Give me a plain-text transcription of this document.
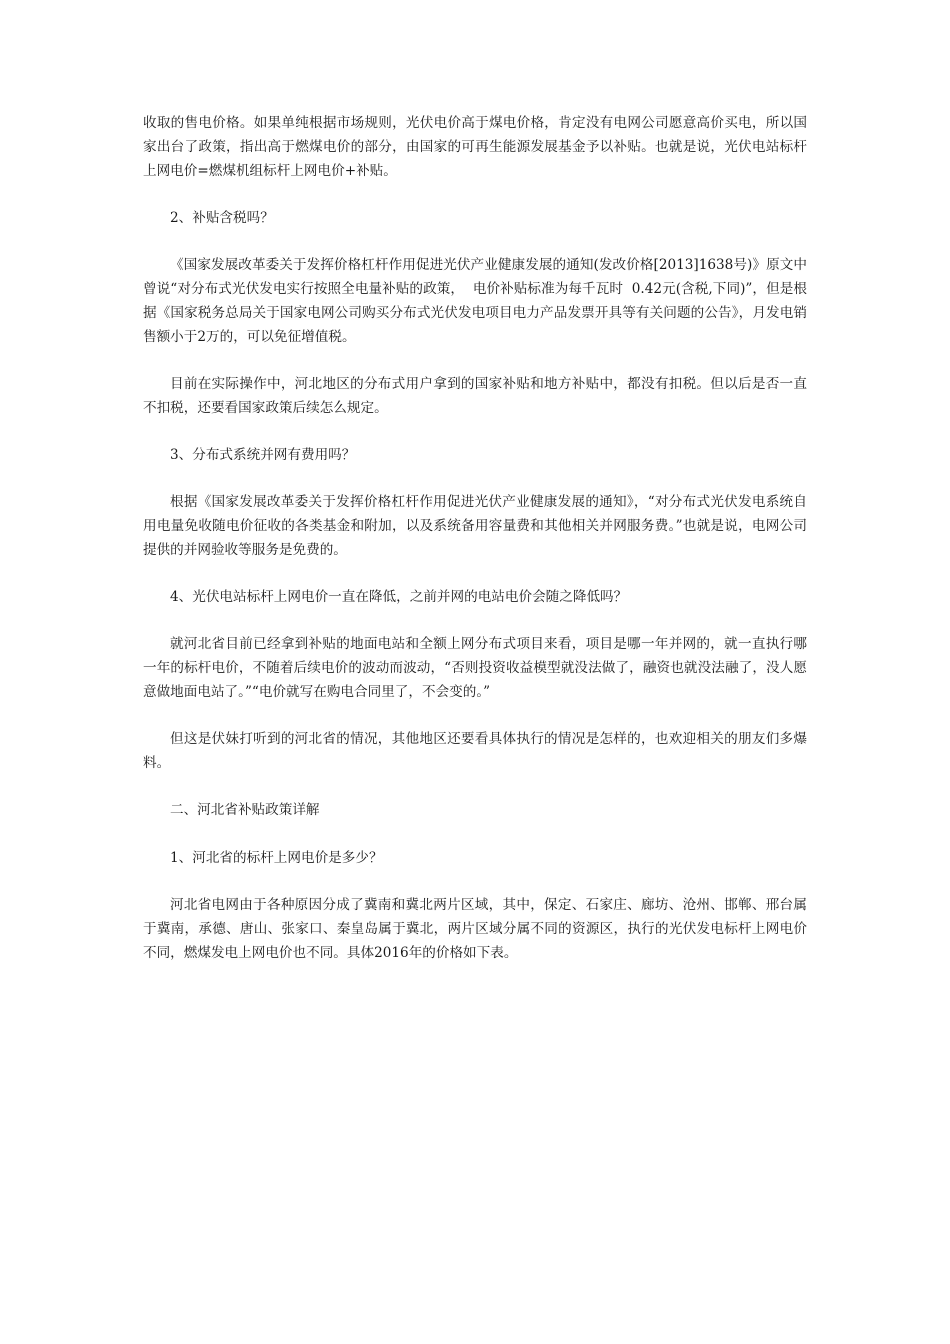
收取的售电价格。如果单纯根据市场规则，光伏电价高于煤电价格，肯定没有电网公司愿意高价买电，所以国家出台了政策，指出高于燃煤电价的部分，由国家的可再生能源发展基金予以补贴。也就是说，光伏电站标杆上网电价=燃煤机组标杆上网电价+补贴。

2、补贴含税吗？

《国家发展改革委关于发挥价格杠杆作用促进光伏产业健康发展的通知(发改价格[2013]1638号)》原文中曾说“对分布式光伏发电实行按照全电量补贴的政策，  电价补贴标准为每千瓦时  0.42元(含税,下同)”，但是根据《国家税务总局关于国家电网公司购买分布式光伏发电项目电力产品发票开具等有关问题的公告》，月发电销售额小于2万的，可以免征增值税。

目前在实际操作中，河北地区的分布式用户拿到的国家补贴和地方补贴中，都没有扣税。但以后是否一直不扣税，还要看国家政策后续怎么规定。

3、分布式系统并网有费用吗？

根据《国家发展改革委关于发挥价格杠杆作用促进光伏产业健康发展的通知》，“对分布式光伏发电系统自用电量免收随电价征收的各类基金和附加，以及系统备用容量费和其他相关并网服务费。”也就是说，电网公司提供的并网验收等服务是免费的。

4、光伏电站标杆上网电价一直在降低，之前并网的电站电价会随之降低吗？

就河北省目前已经拿到补贴的地面电站和全额上网分布式项目来看，项目是哪一年并网的，就一直执行哪一年的标杆电价，不随着后续电价的波动而波动，“否则投资收益模型就没法做了，融资也就没法融了，没人愿意做地面电站了。”“电价就写在购电合同里了，不会变的。”

但这是伏妹打听到的河北省的情况，其他地区还要看具体执行的情况是怎样的，也欢迎相关的朋友们多爆料。

二、河北省补贴政策详解

1、河北省的标杆上网电价是多少？

河北省电网由于各种原因分成了冀南和冀北两片区域，其中，保定、石家庄、廊坊、沧州、邯郸、邢台属于冀南，承德、唐山、张家口、秦皇岛属于冀北，两片区域分属不同的资源区，执行的光伏发电标杆上网电价不同，燃煤发电上网电价也不同。具体2016年的价格如下表。
